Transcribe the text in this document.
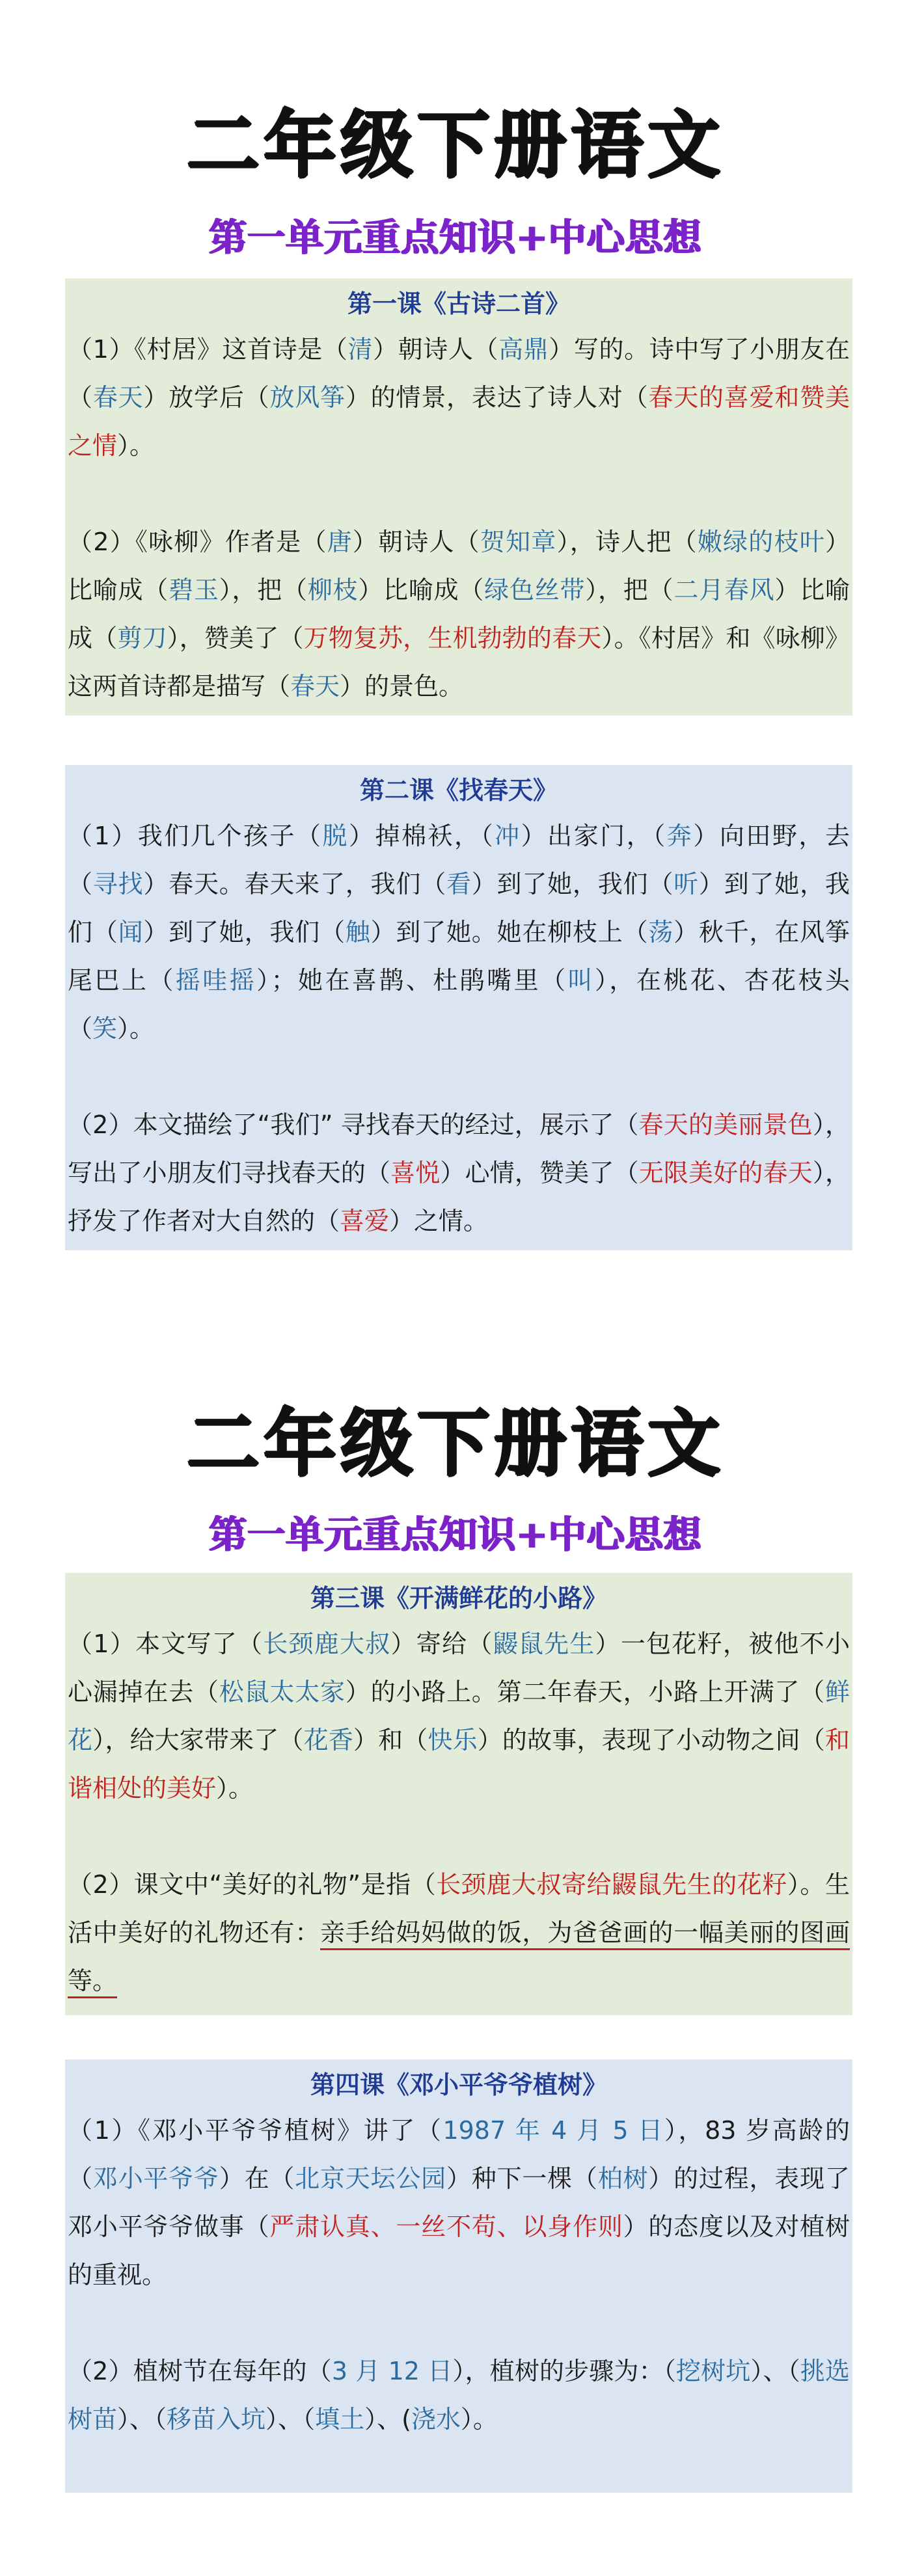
二年级下册语文
第一单元重点知识+中心思想
第一课《古诗二首》

（1）《村居》这首诗是（清）朝诗人（高鼎）写的。诗中写了小朋友在（春天）放学后（放风筝）的情景，表达了诗人对（春天的喜爱和赞美之情）。

（2）《咏柳》作者是（唐）朝诗人（贺知章），诗人把（嫩绿的枝叶）比喻成（碧玉），把（柳枝）比喻成（绿色丝带），把（二月春风）比喻成（剪刀），赞美了（万物复苏，生机勃勃的春天）。《村居》和《咏柳》这两首诗都是描写（春天）的景色。

第二课《找春天》

（1）我们几个孩子（脱）掉棉袄，（冲）出家门，（奔）向田野，去（寻找）春天。春天来了，我们（看）到了她，我们（听）到了她，我们（闻）到了她，我们（触）到了她。她在柳枝上（荡）秋千，在风筝尾巴上（摇哇摇）；她在喜鹊、杜鹃嘴里（叫），在桃花、杏花枝头（笑）。

（2）本文描绘了“我们” 寻找春天的经过，展示了（春天的美丽景色），写出了小朋友们寻找春天的（喜悦）心情，赞美了（无限美好的春天），抒发了作者对大自然的（喜爱）之情。

二年级下册语文
第一单元重点知识+中心思想
第三课《开满鲜花的小路》

（1）本文写了（长颈鹿大叔）寄给（鼹鼠先生）一包花籽，被他不小心漏掉在去（松鼠太太家）的小路上。第二年春天，小路上开满了（鲜花），给大家带来了（花香）和（快乐）的故事，表现了小动物之间（和谐相处的美好）。

（2）课文中“美好的礼物”是指（长颈鹿大叔寄给鼹鼠先生的花籽）。生活中美好的礼物还有：亲手给妈妈做的饭，为爸爸画的一幅美丽的图画等。

第四课《邓小平爷爷植树》

（1）《邓小平爷爷植树》讲了（1987 年 4 月 5 日），83 岁高龄的（邓小平爷爷）在（北京天坛公园）种下一棵（柏树）的过程，表现了邓小平爷爷做事（严肃认真、一丝不苟、以身作则）的态度以及对植树的重视。

（2）植树节在每年的（3 月 12 日），植树的步骤为：（挖树坑）、（挑选树苗）、（移苗入坑）、（填土）、(浇水）。
